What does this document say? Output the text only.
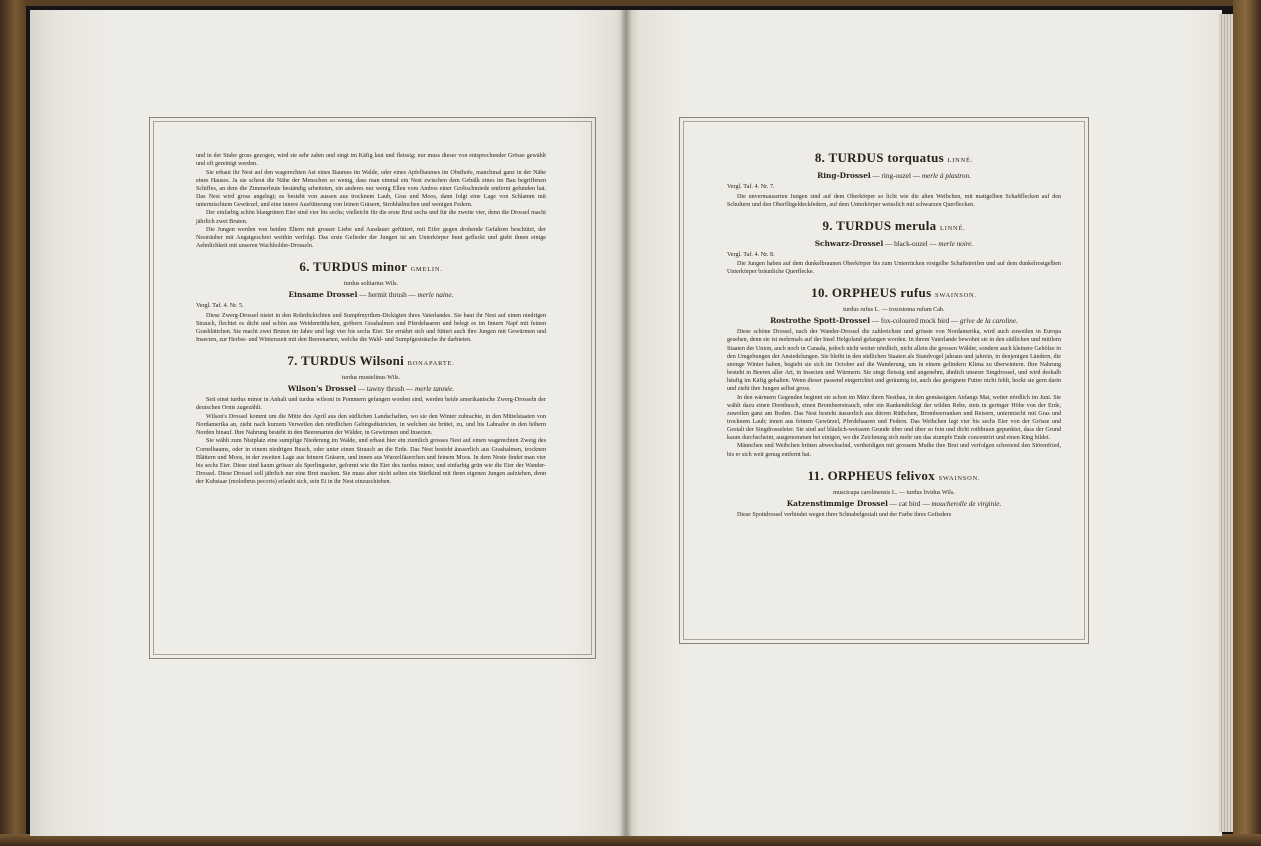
und in der Stube gross gezogen, wird sie sehr zahm und singt im Käfig laut und fleissig; nur muss dieser von entsprechender Grösse gewählt und oft gereinigt werden.

Sie erbaut ihr Nest auf den wagerechten Ast eines Baumes im Walde, oder eines Apfelbaumes im Obsthofe, manchmal ganz in der Nähe eines Hauses. Ja sie scheut die Nähe der Menschen so wenig, dass man einmal ein Nest zwischen dem Gebälk eines im Bau begriffenen Schiffes, an dem die Zimmerleute beständig arbeiteten, ein anderes nur wenig Ellen vom Ambos einer Grobschmiede entfernt gefunden hat. Das Nest wird gross angelegt; es besteht von aussen aus trocknem Laub, Gras und Moos, dann folgt eine Lage von Schlamm mit untermischtem Gewürzel, und eine innere Ausfütterung von feinen Gräsern, Strohhälmchen und wenigen Federn.

Der einfarbig schön blaugrünen Eier sind vier bis sechs; vielleicht für die erste Brut sechs und für die zweite vier, denn die Drossel macht jährlich zwei Bruten.

Die Jungen werden von beiden Eltern mit grosser Liebe und Ausdauer gefüttert, mit Eifer gegen drohende Gefahren beschützt, der Nesträuber mit Angstgeschrei weithin verfolgt. Das erste Gefieder der Jungen ist am Unterkörper bunt gefleckt und giebt ihnen einige Aehnlichkeit mit unseren Wachholder-Drosseln.

6. TURDUS minor GMELIN.
turdus solitarius Wils.
Einsame Drossel — hermit thrush — merle naine.
Vergl. Taf. 4. Nr. 5.

Diese Zwerg-Drossel nistet in den Rohrdickichten und Sumpfmyrthen-Dickigten ihres Vaterlandes. Sie baut ihr Nest auf einen niedrigen Strauch, flechtet es dicht und schön aus Weidenrüthchen, gröbern Grashalmen und Pferdehaaren und belegt es im Innern Napf mit feinen Grasblättchen. Sie macht zwei Bruten im Jahre und legt vier bis sechs Eier. Sie ernährt sich und füttert auch ihre Jungen mit Gewürmen und Insecten, zur Herbst- und Winterszeit mit den Beerenarten, welche die Wald- und Sumpfgesträuche ihr darbieten.

7. TURDUS Wilsoni BONAPARTE.
turdus mustelinus Wils.
Wilson's Drossel — tawny thrush — merle tannée.

Seit einst turdus minor in Anhalt und turdus wilsoni in Pommern gefangen worden sind, werden beide amerikanische Zwerg-Drosseln der deutschen Ornis zugezählt.

Wilson's Drossel kommt um die Mitte des April aus den südlichen Landschaften, wo sie den Winter zubrachte, in den Mittelstaaten von Nordamerika an, zieht nach kurzem Verweilen den nördlichen Gebirgsdistricten, in welchen sie brütet, zu, und bis Labrador in den höhern Norden hinauf. Ihre Nahrung besteht in den Beerenarten der Wälder, in Gewürmen und Insecten.

Sie wählt zum Nistplatz eine sumpfige Niederung im Walde, und erbaut hier ein ziemlich grosses Nest auf einen wagerechten Zweig des Cornelbaums, oder in einem niedrigen Busch, oder unter einen Strauch an die Erde. Das Nest besteht äusserlich aus Grashalmen, trocknen Blättern und Moos, in der zweiten Lage aus feinern Gräsern, und innen aus Wurzelfäserchen und feinem Moos. In dem Neste findet man vier bis sechs Eier. Diese sind kaum grösser als Sperlingseier, geformt wie die Eier des turdus minor, und einfarbig grün wie die Eier der Wander-Drossel. Diese Drossel soll jährlich nur eine Brut machen. Sie muss aber nicht selten ein Stiefkind mit ihren eigenen Jungen aufziehen, denn der Kuhstaar (molothrus pecoris) erlaubt sich, sein Ei in ihr Nest einzuschieben.

8. TURDUS torquatus LINNÉ.
Ring-Drossel — ring-ouzel — merle à plastron.
Vergl. Taf. 4. Nr. 7.

Die unvermauserten Jungen sind auf dem Oberkörper so licht wie die alten Weibchen, mit mattgelben Schaftflecken auf den Schultern und den Oberflügeldeckfedern, auf dem Unterkörper weisslich mit schwarzen Querflecken.

9. TURDUS merula LINNÉ.
Schwarz-Drossel — black-ouzel — merle noire.
Vergl. Taf. 4. Nr. 8.

Die Jungen haben auf dem dunkelbraunen Oberkörper bis zum Unterrücken rostgelbe Schaftstreifen und auf dem dunkelrostgelben Unterkörper bräunliche Querflecke.

10. ORPHEUS rufus SWAINSON.
turdus rufus L. — toxostoma rufum Cab.
Rostrothe Spott-Drossel — fox-coloured mock bird — grive de la caroline.

Diese schöne Drossel, nach der Wander-Drossel die zahlreichste und grösste von Nordamerika, wird auch zuweilen in Europa gesehen, denn sie ist mehrmals auf der Insel Helgoland gefangen worden. In ihrem Vaterlande bewohnt sie in den südlichen und mittlern Staaten der Union, auch noch in Canada, jedoch nicht weiter nördlich, nicht allein die grossen Wälder, sondern auch kleinere Gehölze in den Umgebungen der Ansiedelungen. Sie bleibt in den südlichen Staaten als Standvogel jahraus und jahrein, in denjenigen Ländern, die strenge Winter haben, begiebt sie sich im October auf die Wanderung, um in einem gelindern Klima zu überwintern. Ihre Nahrung besteht in Beeren aller Art, in Insecten und Würmern. Sie singt fleissig und angenehm, ähnlich unserer Singdrossel, und wird deshalb häufig im Käfig gehalten. Wenn dieser passend eingerichtet und geräumig ist, auch das geeignete Futter nicht fehlt, hockt sie gern darin und zieht ihre Jungen selbst gross.

In den wärmern Gegenden beginnt sie schon im März ihren Nestbau, in den gemässigten Anfangs Mai, weiter nördlich im Juni. Sie wählt dazu einen Dornbusch, einen Brombeerstrauch, oder ein Rankendickigt der wilden Rebe, stets in geringer Höhe von der Erde, zuweilen ganz am Boden. Das Nest besteht äusserlich aus dürren Rüthchen, Brombeerranken und Reisern, untermischt mit Gras und trocknem Laub; innen aus feinem Gewürzel, Pferdehaaren und Federn. Das Weibchen legt vier bis sechs Eier von der Grösse und Gestalt der Singdrosseleier. Sie sind auf bläulich-weissem Grunde über und über so fein und dicht rothbraun gepunktet, dass der Grund kaum durchscheint, ausgenommen bei einigen, wo die Zeichnung sich mehr um das stumpfe Ende concentrirt und einen Ring bildet.

Männchen und Weibchen brüten abwechselnd, vertheidigen mit grossem Muthe ihre Brut und verfolgen schreiend den Störenfried, bis er sich weit genug entfernt hat.

11. ORPHEUS felivox SWAINSON.
muscicapa carolinensis L. — turdus lividus Wils.
Katzenstimmige Drossel — cat bird — moucherolle de virginie.

Diese Spottdrossel verbindet wegen ihrer Schnabelgestalt und der Farbe ihres Gefieders
